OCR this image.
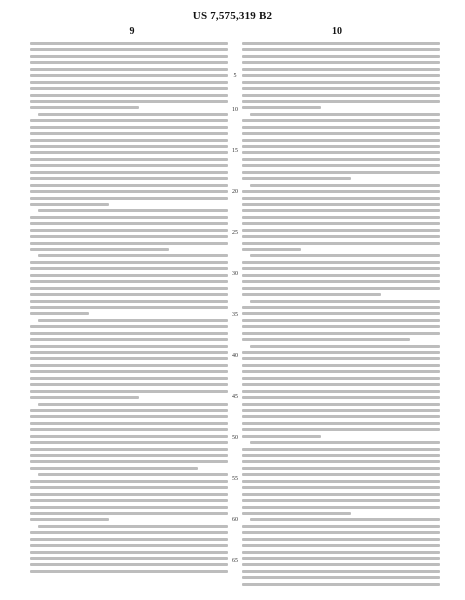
US 7,575,319 B2
9	10
5
10
15
20
25
30
35
40
45
50
55
60
65
